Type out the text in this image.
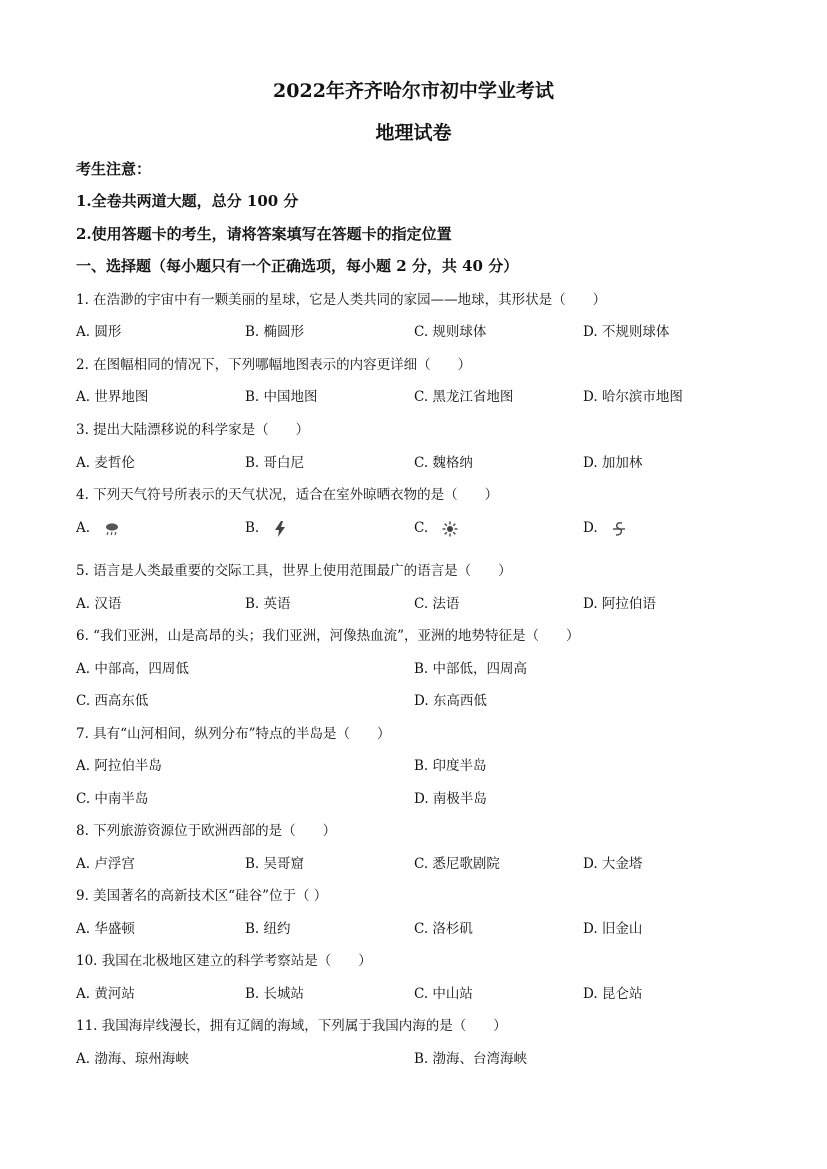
2022年齐齐哈尔市初中学业考试
地理试卷
考生注意：
1.全卷共两道大题，总分 100 分
2.使用答题卡的考生，请将答案填写在答题卡的指定位置
一、选择题（每小题只有一个正确选项，每小题 2 分，共 40 分）
1. 在浩渺的宇宙中有一颗美丽的星球，它是人类共同的家园——地球，其形状是（　　）
A. 圆形	B. 椭圆形	C. 规则球体	D. 不规则球体
2. 在图幅相同的情况下，下列哪幅地图表示的内容更详细（　　）
A. 世界地图	B. 中国地图	C. 黑龙江省地图	D. 哈尔滨市地图
3. 提出大陆漂移说的科学家是（　　）
A. 麦哲伦	B. 哥白尼	C. 魏格纳	D. 加加林
4. 下列天气符号所表示的天气状况，适合在室外晾晒衣物的是（　　）
A.	B.	C.	D.
5. 语言是人类最重要的交际工具，世界上使用范围最广的语言是（　　）
A. 汉语	B. 英语	C. 法语	D. 阿拉伯语
6. “我们亚洲，山是高昂的头；我们亚洲，河像热血流”，亚洲的地势特征是（　　）
A. 中部高，四周低	B. 中部低，四周高
C. 西高东低	D. 东高西低
7. 具有“山河相间，纵列分布”特点的半岛是（　　）
A. 阿拉伯半岛	B. 印度半岛
C. 中南半岛	D. 南极半岛
8. 下列旅游资源位于欧洲西部的是（　　）
A. 卢浮宫	B. 吴哥窟	C. 悉尼歌剧院	D. 大金塔
9. 美国著名的高新技术区“硅谷”位于（ ）
A. 华盛顿	B. 纽约	C. 洛杉矶	D. 旧金山
10. 我国在北极地区建立的科学考察站是（　　）
A. 黄河站	B. 长城站	C. 中山站	D. 昆仑站
11. 我国海岸线漫长，拥有辽阔的海域，下列属于我国内海的是（　　）
A. 渤海、琼州海峡	B. 渤海、台湾海峡
